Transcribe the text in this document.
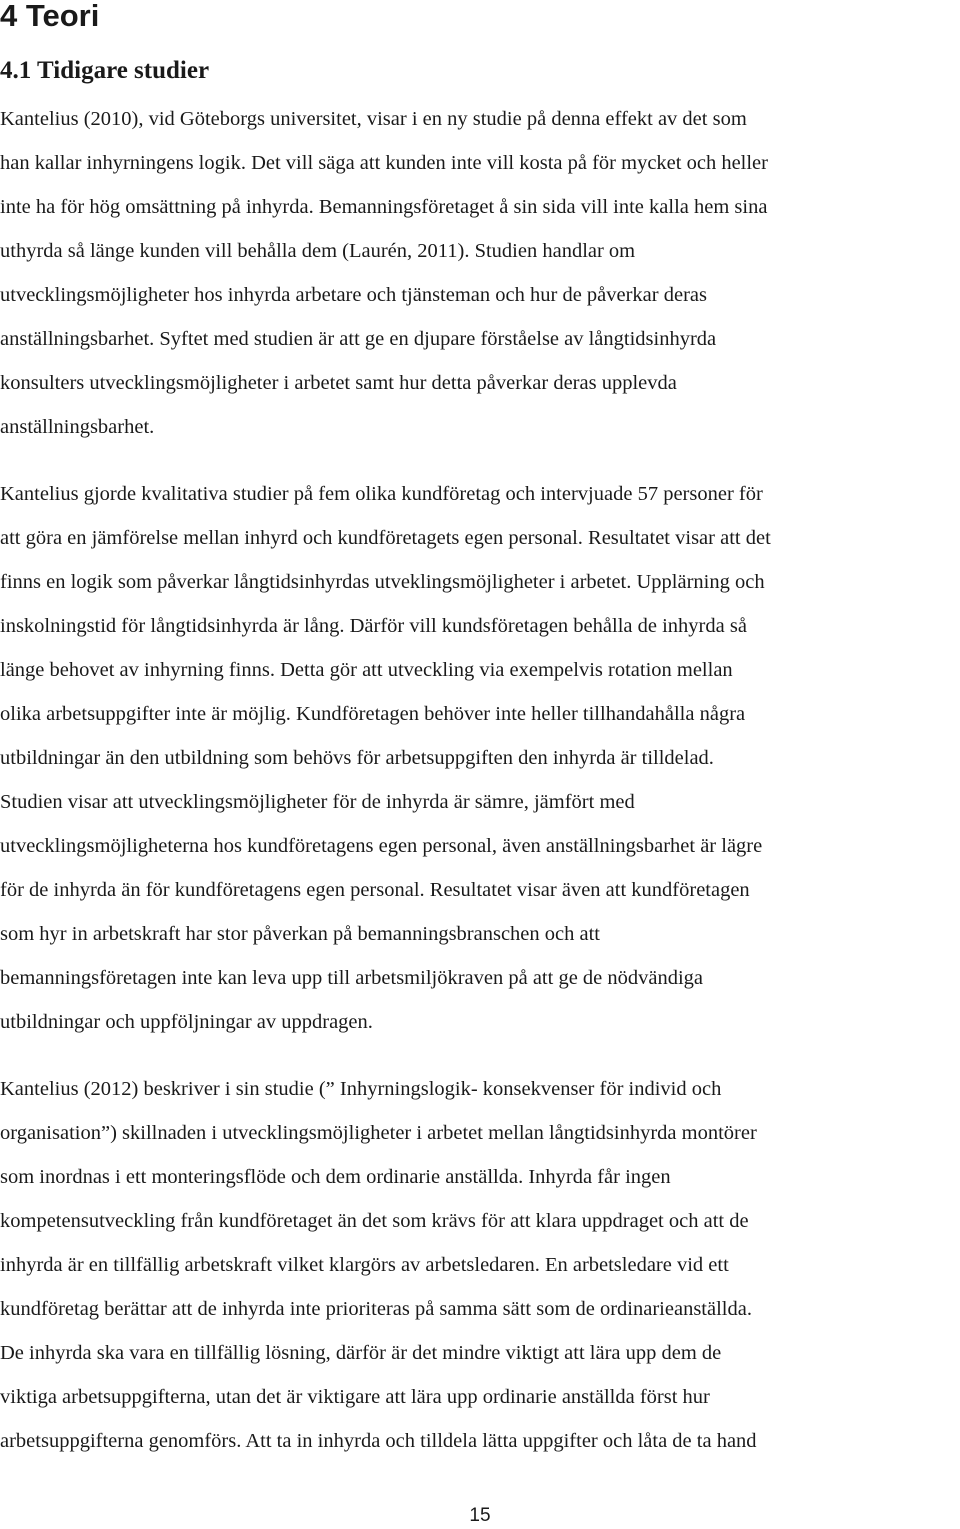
4 Teori
4.1 Tidigare studier
Kantelius (2010), vid Göteborgs universitet, visar i en ny studie på denna effekt av det som
han kallar inhyrningens logik. Det vill säga att kunden inte vill kosta på för mycket och heller
inte ha för hög omsättning på inhyrda. Bemanningsföretaget å sin sida vill inte kalla hem sina
uthyrda så länge kunden vill behålla dem (Laurén, 2011). Studien handlar om
utvecklingsmöjligheter hos inhyrda arbetare och tjänsteman och hur de påverkar deras
anställningsbarhet. Syftet med studien är att ge en djupare förståelse av långtidsinhyrda
konsulters utvecklingsmöjligheter i arbetet samt hur detta påverkar deras upplevda
anställningsbarhet.
Kantelius gjorde kvalitativa studier på fem olika kundföretag och intervjuade 57 personer för
att göra en jämförelse mellan inhyrd och kundföretagets egen personal. Resultatet visar att det
finns en logik som påverkar långtidsinhyrdas utveklingsmöjligheter i arbetet. Upplärning och
inskolningstid för långtidsinhyrda är lång. Därför vill kundsföretagen behålla de inhyrda så
länge behovet av inhyrning finns. Detta gör att utveckling via exempelvis rotation mellan
olika arbetsuppgifter inte är möjlig. Kundföretagen behöver inte heller tillhandahålla några
utbildningar än den utbildning som behövs för arbetsuppgiften den inhyrda är tilldelad.
Studien visar att utvecklingsmöjligheter för de inhyrda är sämre, jämfört med
utvecklingsmöjligheterna hos kundföretagens egen personal, även anställningsbarhet är lägre
för de inhyrda än för kundföretagens egen personal. Resultatet visar även att kundföretagen
som hyr in arbetskraft har stor påverkan på bemanningsbranschen och att
bemanningsföretagen inte kan leva upp till arbetsmiljökraven på att ge de nödvändiga
utbildningar och uppföljningar av uppdragen.
Kantelius (2012) beskriver i sin studie (” Inhyrningslogik- konsekvenser för individ och
organisation”) skillnaden i utvecklingsmöjligheter i arbetet mellan långtidsinhyrda montörer
som inordnas i ett monteringsflöde och dem ordinarie anställda. Inhyrda får ingen
kompetensutveckling från kundföretaget än det som krävs för att klara uppdraget och att de
inhyrda är en tillfällig arbetskraft vilket klargörs av arbetsledaren. En arbetsledare vid ett
kundföretag berättar att de inhyrda inte prioriteras på samma sätt som de ordinarieanställda.
De inhyrda ska vara en tillfällig lösning, därför är det mindre viktigt att lära upp dem de
viktiga arbetsuppgifterna, utan det är viktigare att lära upp ordinarie anställda först hur
arbetsuppgifterna genomförs. Att ta in inhyrda och tilldela lätta uppgifter och låta de ta hand
15
